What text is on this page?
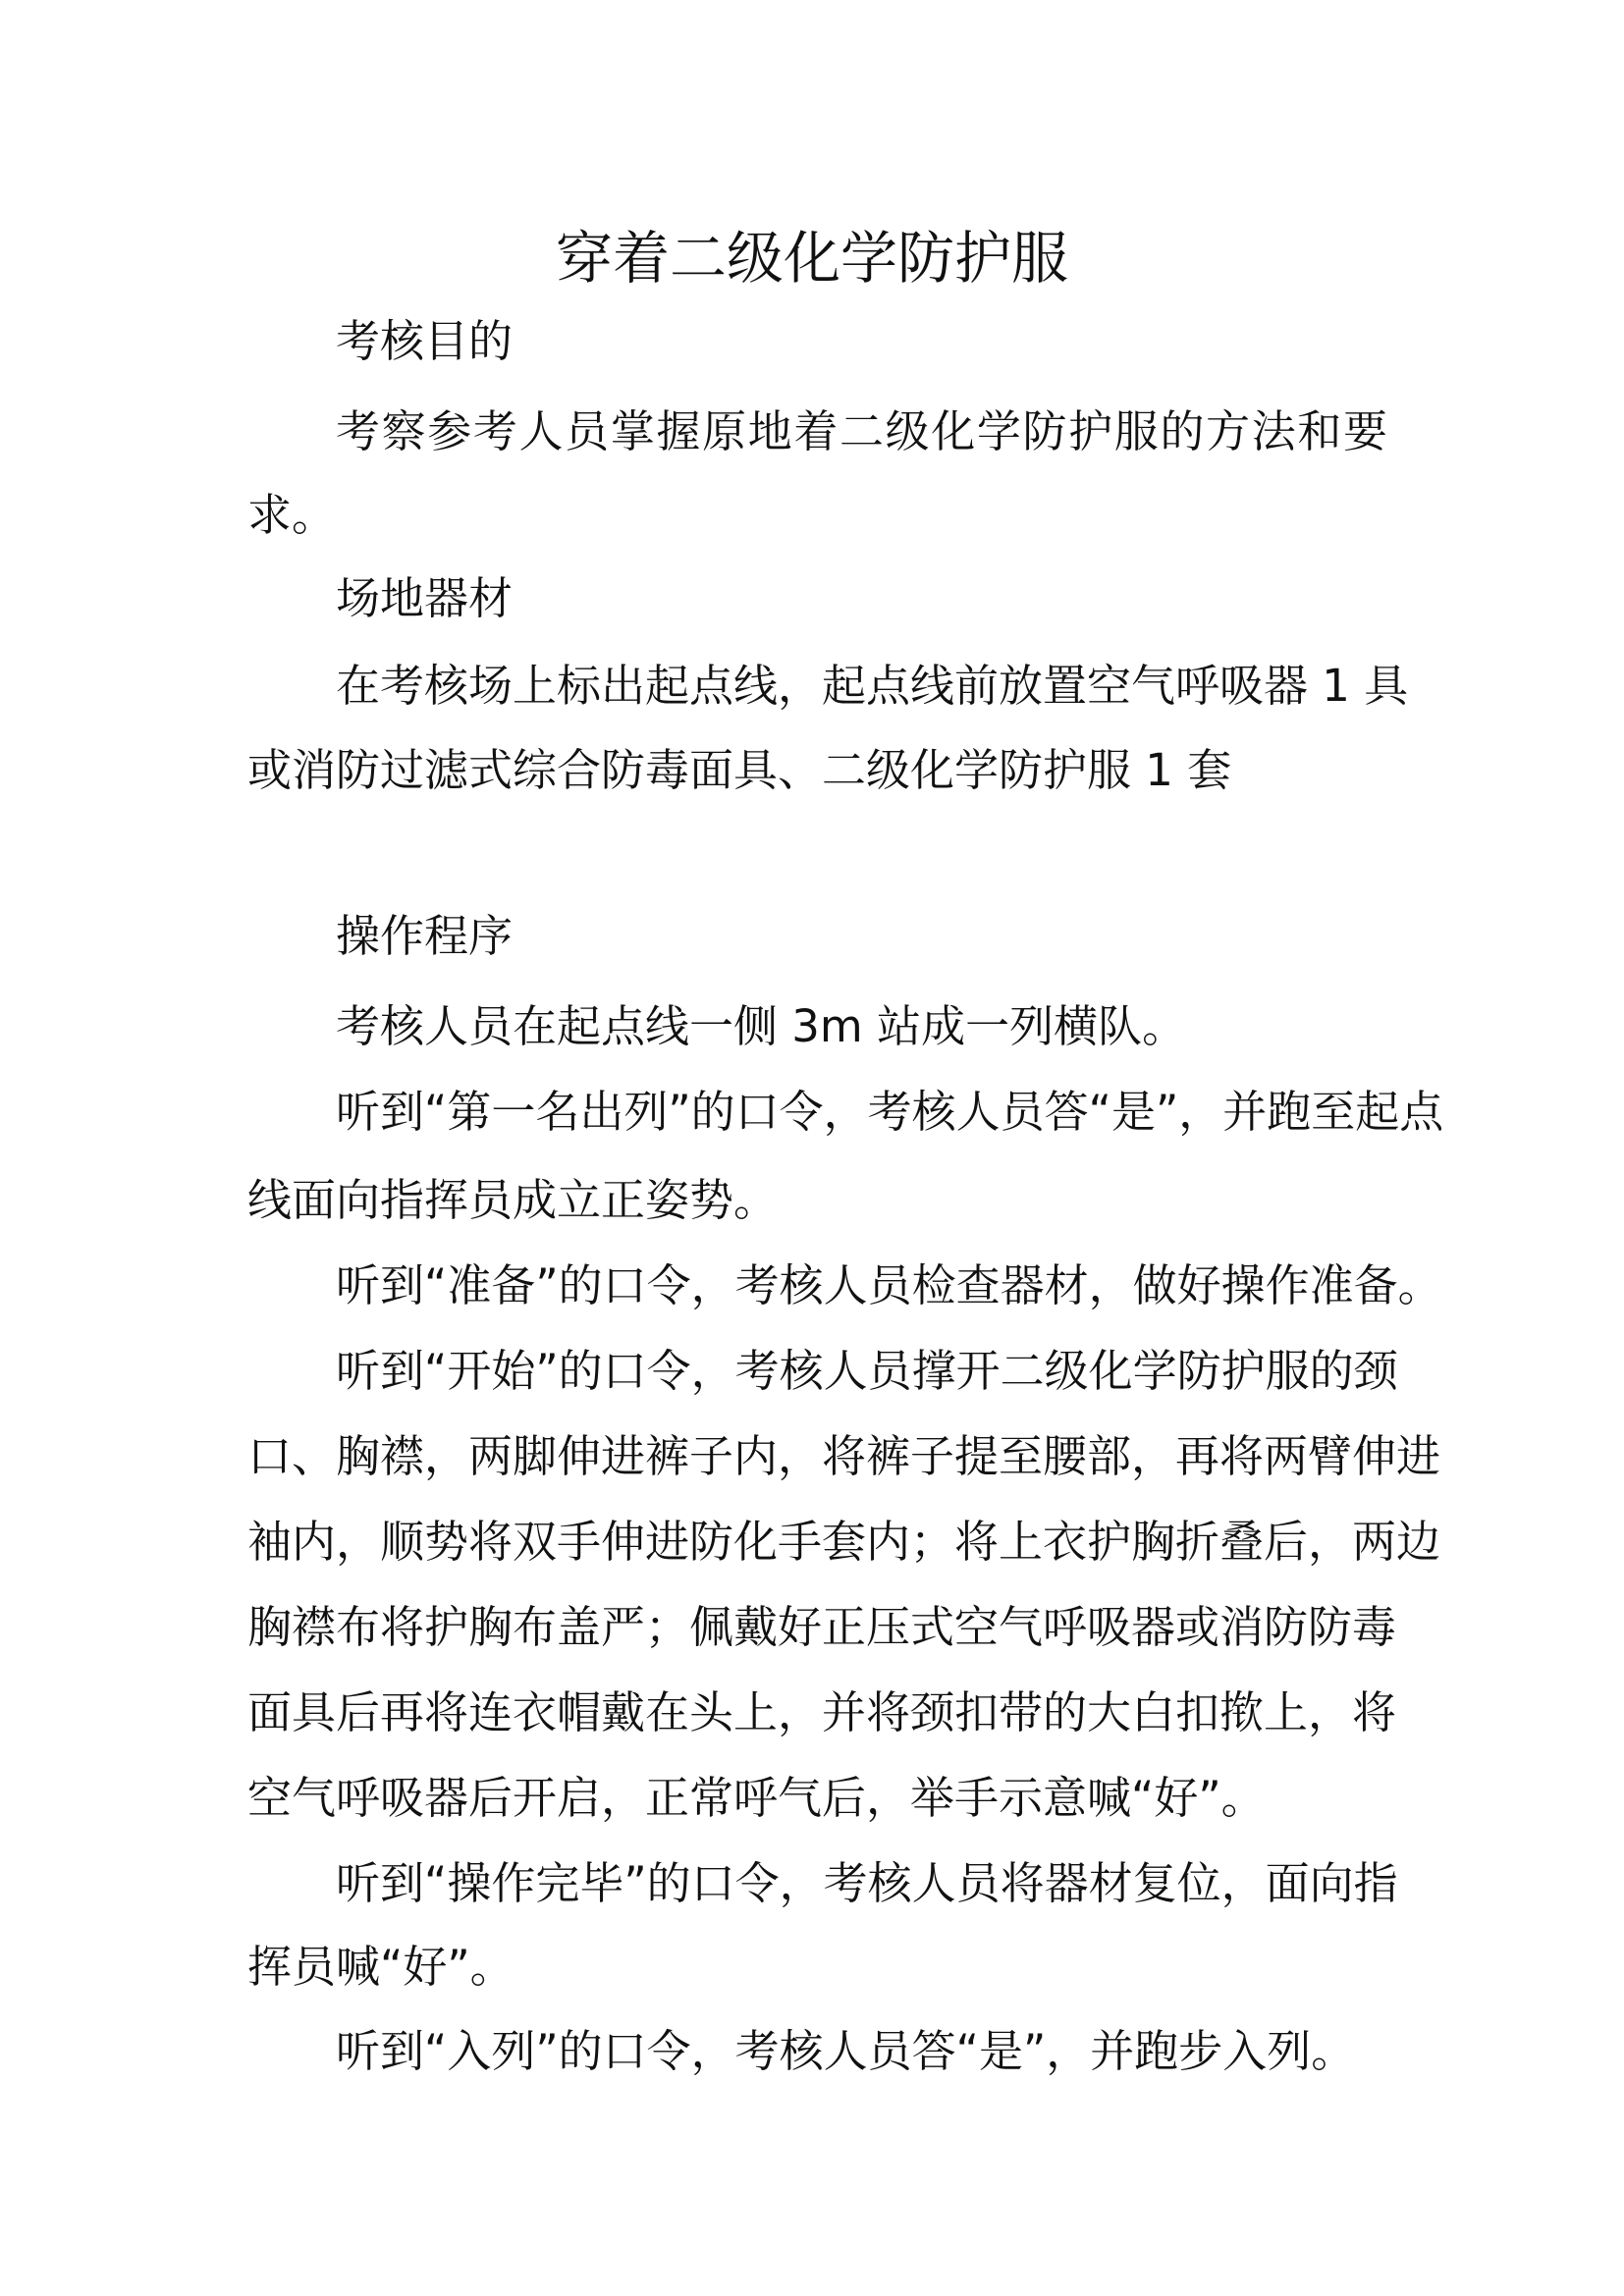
穿着二级化学防护服
考核目的
考察参考人员掌握原地着二级化学防护服的方法和要
求。
场地器材
在考核场上标出起点线，起点线前放置空气呼吸器 1 具
或消防过滤式综合防毒面具、二级化学防护服 1 套
操作程序
考核人员在起点线一侧 3m 站成一列横队。
听到“第一名出列”的口令，考核人员答“是”，并跑至起点
线面向指挥员成立正姿势。
听到“准备”的口令，考核人员检查器材，做好操作准备。
听到“开始”的口令，考核人员撑开二级化学防护服的颈
口、胸襟，两脚伸进裤子内，将裤子提至腰部，再将两臂伸进
袖内，顺势将双手伸进防化手套内；将上衣护胸折叠后，两边
胸襟布将护胸布盖严；佩戴好正压式空气呼吸器或消防防毒
面具后再将连衣帽戴在头上，并将颈扣带的大白扣揿上，将
空气呼吸器后开启，正常呼气后，举手示意喊“好”。
听到“操作完毕”的口令，考核人员将器材复位，面向指
挥员喊“好”。
听到“入列”的口令，考核人员答“是”，并跑步入列。
